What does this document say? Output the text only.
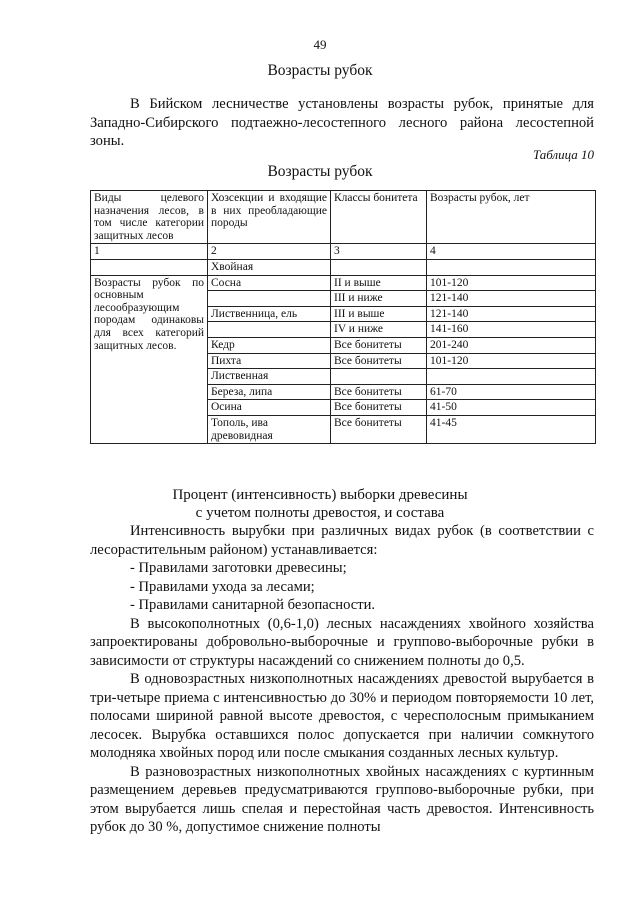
49
Возрасты рубок
В Бийском лесничестве установлены возрасты рубок, принятые для Западно-Сибирского подтаежно-лесостепного лесного района лесостепной зоны.
Таблица 10
Возрасты рубок
Виды целевого назначения лесов, в том числе категории защитных лесов	Хозсекции и входящие в них преобладающие породы	Классы бонитета	Возрасты рубок, лет
1	2	3	4
	Хвойная		
Возрасты рубок по основным лесообразующим породам одинаковы для всех категорий защитных лесов.	Сосна	II и выше	101-120
		III и ниже	121-140
	Лиственница, ель	III и выше	121-140
		IV и ниже	141-160
	Кедр	Все бонитеты	201-240
	Пихта	Все бонитеты	101-120
	Лиственная		
	Береза, липа	Все бонитеты	61-70
	Осина	Все бонитеты	41-50
	Тополь, ива древовидная	Все бонитеты	41-45
Процент (интенсивность) выборки древесины
с учетом полноты древостоя, и состава

Интенсивность вырубки при различных видах рубок (в соответствии с лесорастительным районом) устанавливается:

- Правилами заготовки древесины;

- Правилами ухода за лесами;

- Правилами санитарной безопасности.

В высокополнотных (0,6-1,0) лесных насаждениях хвойного хозяйства запроектированы добровольно-выборочные и группово-выборочные рубки в зависимости от структуры насаждений со снижением полноты до 0,5.

В одновозрастных низкополнотных насаждениях древостой вырубается в три-четыре приема с интенсивностью до 30% и периодом повторяемости 10 лет, полосами шириной равной высоте древостоя, с чересполосным примыканием лесосек. Вырубка оставшихся полос допускается при наличии сомкнутого молодняка хвойных пород или после смыкания созданных лесных культур.

В разновозрастных низкополнотных хвойных насаждениях с куртинным размещением деревьев предусматриваются группово-выборочные рубки, при этом вырубается лишь спелая и перестойная часть древостоя. Интенсивность рубок до 30 %, допустимое снижение полноты
